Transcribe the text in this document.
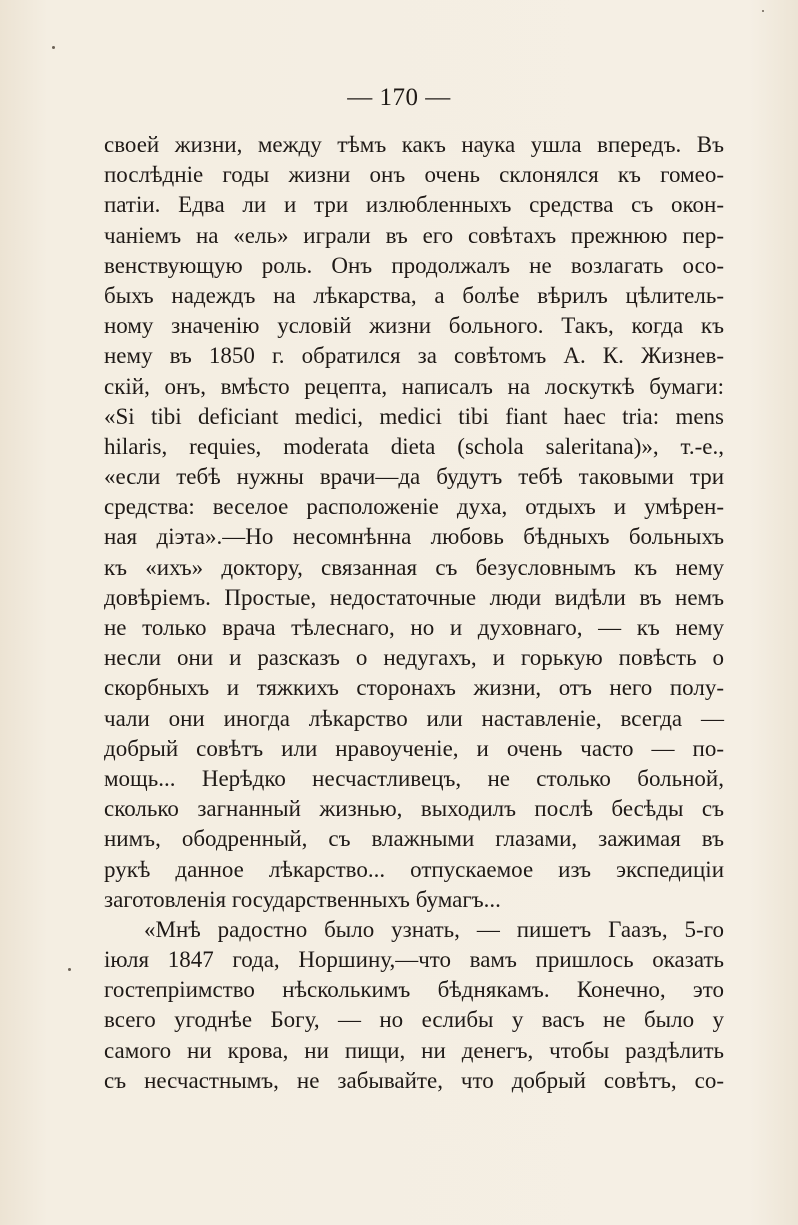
— 170 —
своей жизни, между тѣмъ какъ наука ушла впередъ. Въ
послѣдніе годы жизни онъ очень склонялся къ гомео-
патіи. Едва ли и три излюбленныхъ средства съ окон-
чаніемъ на «ель» играли въ его совѣтахъ прежнюю пер-
венствующую роль. Онъ продолжалъ не возлагать осо-
быхъ надеждъ на лѣкарства, а болѣе вѣрилъ цѣлитель-
ному значенію условій жизни больного. Такъ, когда къ
нему въ 1850 г. обратился за совѣтомъ А. К. Жизнев-
скій, онъ, вмѣсто рецепта, написалъ на лоскуткѣ бумаги:
«Si tibi deficiant medici, medici tibi fiant haec tria: mens
hilaris, requies, moderata dieta (schola salеritana)», т.-е.,
«если тебѣ нужны врачи—да будутъ тебѣ таковыми три
средства: веселое расположеніе духа, отдыхъ и умѣрен-
ная діэта».—Но несомнѣнна любовь бѣдныхъ больныхъ
къ «ихъ» доктору, связанная съ безусловнымъ къ нему
довѣріемъ. Простые, недостаточные люди видѣли въ немъ
не только врача тѣлеснаго, но и духовнаго, — къ нему
несли они и разсказъ о недугахъ, и горькую повѣсть о
скорбныхъ и тяжкихъ сторонахъ жизни, отъ него полу-
чали они иногда лѣкарство или наставленіе, всегда —
добрый совѣтъ или нравоученіе, и очень часто — по-
мощь... Нерѣдко несчастливецъ, не столько больной,
сколько загнанный жизнью, выходилъ послѣ бесѣды съ
нимъ, ободренный, съ влажными глазами, зажимая въ
рукѣ данное лѣкарство... отпускаемое изъ экспедиціи
заготовленія государственныхъ бумагъ...
«Мнѣ радостно было узнать, — пишетъ Гаазъ, 5-го
іюля 1847 года, Норшину,—что вамъ пришлось оказать
гостепріимство нѣсколькимъ бѣднякамъ. Конечно, это
всего угоднѣе Богу, — но еслибы у васъ не было у
самого ни крова, ни пищи, ни денегъ, чтобы раздѣлить
съ несчастнымъ, не забывайте, что добрый совѣтъ, со-
